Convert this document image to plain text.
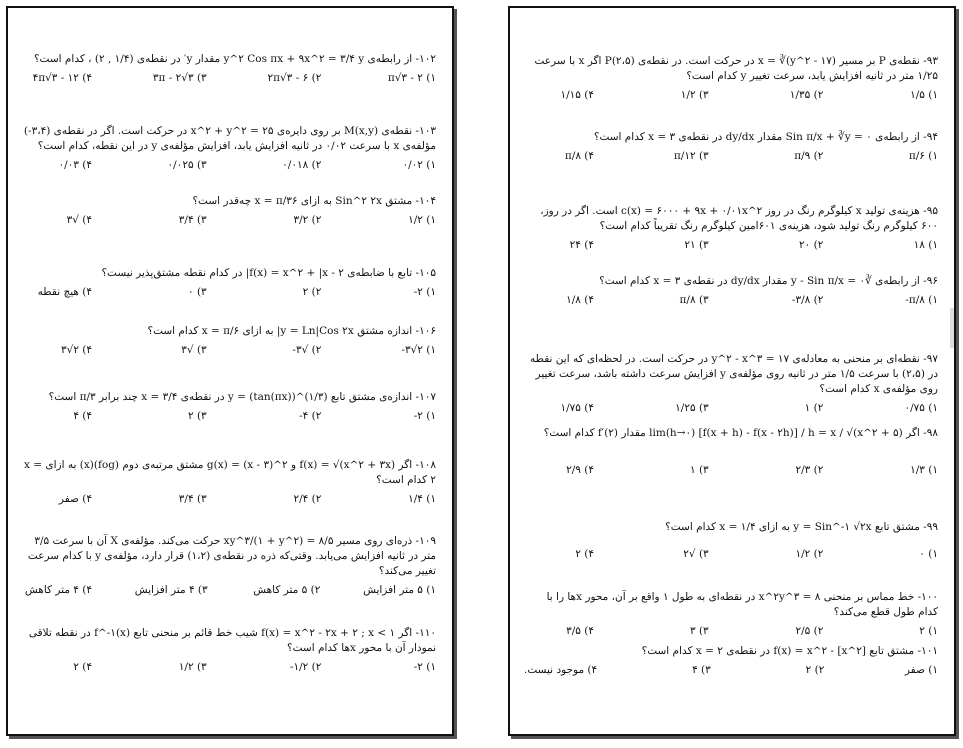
۱۰۲- از رابطه‌ی y^۲ Cos πx + ۹x^۲ = ۳/۴ y مقدار y′ در نقطه‌ی (۱/۴ , ۲) ، کدام است؟

۱) π√۳ - ۲
۲) ۲π√۳ - ۶
۳) ۳π - ۲√۳
۴) ۴π√۳ - ۱۲

۱۰۳- نقطه‌ی M(x,y) بر روی دایره‌ی x^۲ + y^۲ = ۲۵ در حرکت است. اگر در نقطه‌ی (۳،۴-) مؤلفه‌ی x با سرعت ۰/۰۲ در ثانیه افزایش یابد، افزایش مؤلفه‌ی y در این نقطه، کدام است؟

۱) ۰/۰۲
۲) ۰/۰۱۸
۳) ۰/۰۲۵
۴) ۰/۰۳

۱۰۴- مشتق Sin^۲ ۲x به ازای x = π/۳۶ چه‌قدر است؟

۱) ۱/۲
۲) ۳/۲
۳) ۳/۴
۴) √۳

۱۰۵- تابع با ضابطه‌ی f(x) = x^۲ + |x - ۲| در کدام نقطه مشتق‌پذیر نیست؟

۱) ۲-
۲) ۲
۳) ۰
۴) هیچ نقطه

۱۰۶- اندازه مشتق y = Ln|Cos ۲x| به ازای x = π/۶ کدام است؟

۱) ۲√۳-
۲) √۳-
۳) √۳
۴) ۲√۳

۱۰۷- اندازه‌ی مشتق تابع y = (tan(πx))^(۱/۳) در نقطه‌ی x = ۳/۴ چند برابر π/۳ است؟

۱) ۲-
۲) ۴-
۳) ۲
۴) ۴

۱۰۸- اگر f(x) = √(x^۲ + ۳x) و g(x) = (x - ۳)^۲ مشتق مرتبه‌ی دوم (fog)(x) به ازای x = ۲ کدام است؟

۱) ۱/۴
۲) ۲/۴
۳) ۳/۴
۴) صفر

۱۰۹- ذره‌ای روی مسیر xy^۳/(۱ + y^۲) = ۸/۵ حرکت می‌کند. مؤلفه‌ی X آن با سرعت ۳/۵ متر در ثانیه افزایش می‌یابد. وقتی‌که ذره در نقطه‌ی (۱،۲) قرار دارد، مؤلفه‌ی y با کدام سرعت تغییر می‌کند؟

۱) ۵ متر افزایش
۲) ۵ متر کاهش
۳) ۴ متر افزایش
۴) ۴ متر کاهش

۱۱۰- اگر f(x) = x^۲ - ۲x + ۲ ; x < ۱ شیب خط قائم بر منحنی تابع f^-۱(x) در نقطه تلاقی نمودار آن با محور x‌ها کدام است؟

۱) ۲-
۲) ۱/۲-
۳) ۱/۲
۴) ۲

۹۳- نقطه‌ی P بر مسیر x = ∛(y^۲ - ۱۷) در حرکت است. در نقطه‌ی P(۲،۵) اگر x با سرعت ۱/۲۵ متر در ثانیه افزایش یابد، سرعت تغییر y کدام است؟

۱) ۱/۵
۲) ۱/۳۵
۳) ۱/۲
۴) ۱/۱۵

۹۴- از رابطه‌ی Sin π/x + ∛y = ۰ مقدار dy/dx در نقطه‌ی x = ۳ کدام است؟

۱) π/۶
۲) π/۹
۳) π/۱۲
۴) π/۸

۹۵- هزینه‌ی تولید x کیلوگرم رنگ در روز c(x) = ۶۰۰۰ + ۹x + ۰/۰۱x^۲ است. اگر در روز، ۶۰۰ کیلوگرم رنگ تولید شود، هزینه‌ی ۶۰۱امین کیلوگرم رنگ تقریباً کدام است؟

۱) ۱۸
۲) ۲۰
۳) ۲۱
۴) ۲۴

۹۶- از رابطه‌ی ∛y - Sin π/x = ۰ مقدار dy/dx در نقطه‌ی x = ۳ کدام است؟

۱) π/۸-
۲) ۳/۸-
۳) π/۸
۴) ۱/۸

۹۷- نقطه‌ای بر منحنی به معادله‌ی y^۲ - x^۳ = ۱۷ در حرکت است. در لحظه‌ای که این نقطه در (۲،۵) با سرعت ۱/۵ متر در ثانیه روی مؤلفه‌ی y افزایش سرعت داشته باشد، سرعت تغییر روی مؤلفه‌ی x کدام است؟

۱) ۰/۷۵
۲) ۱
۳) ۱/۲۵
۴) ۱/۷۵

۹۸- اگر lim(h→۰) [f(x + h) - f(x - ۲h)] / h = x / √(x^۲ + ۵) مقدار f′(۲) کدام است؟

۱) ۱/۳
۲) ۲/۳
۳) ۱
۴) ۲/۹

۹۹- مشتق تابع y = Sin^-۱ √۲x به ازای x = ۱/۴ کدام است؟

۱) ۰
۲) ۱/۲
۳) √۲
۴) ۲

۱۰۰- خط مماس بر منحنی x^۲y^۳ = ۸ در نقطه‌ای به طول ۱ واقع بر آن، محور x‌ها را با کدام طول قطع می‌کند؟

۱) ۲
۲) ۲/۵
۳) ۳
۴) ۳/۵

۱۰۱- مشتق تابع f(x) = x^۲ - [x^۲] در نقطه‌ی x = ۲ کدام است؟

۱) صفر
۲) ۲
۳) ۴
۴) موجود نیست.
